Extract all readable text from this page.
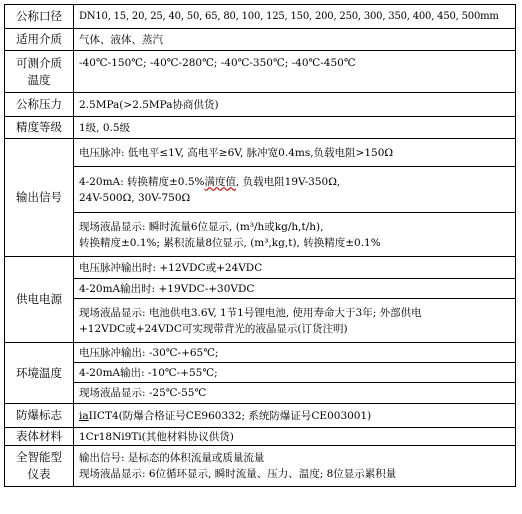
公称口径	DN10, 15, 20, 25, 40, 50, 65, 80, 100, 125, 150, 200, 250, 300, 350, 400, 450, 500mm
适用介质	气体、液体、蒸汽

可测介质
温度	-40℃-150℃; -40℃-280℃; -40℃-350℃; -40℃-450℃
公称压力	2.5MPa(>2.5MPa协商供货)
精度等级	1级, 0.5级
输出信号	电压脉冲: 低电平≤1V, 高电平≥6V, 脉冲宽0.4ms,负载电阻>150Ω

	4-20mA: 转换精度±0.5%满度值, 负载电阻19V-350Ω,
24V-500Ω, 30V-750Ω

	现场液晶显示: 瞬时流量6位显示, (m³/h或kg/h,t/h),
转换精度±0.1%; 累积流量8位显示, (m³,kg,t), 转换精度±0.1%

供电电源	电压脉冲输出时: +12VDC或+24VDC
	4-20mA输出时: +19VDC-+30VDC

	现场液晶显示: 电池供电3.6V, 1节1号锂电池, 使用寿命大于3年; 外部供电
+12VDC或+24VDC可实现带背光的液晶显示(订货注明)

环境温度	电压脉冲输出: -30℃-+65℃;
	4-20mA输出: -10℃-+55℃;
	现场液晶显示: -25℃-55℃
防爆标志	iaIICT4(防爆合格证号CE960332; 系统防爆证号CE003001)
表体材料	1Cr18Ni9Ti(其他材料协议供货)

全智能型
仪表	输出信号: 是标态的体积流量或质量流量
现场液晶显示: 6位循环显示, 瞬时流量、压力、温度; 8位显示累积量
